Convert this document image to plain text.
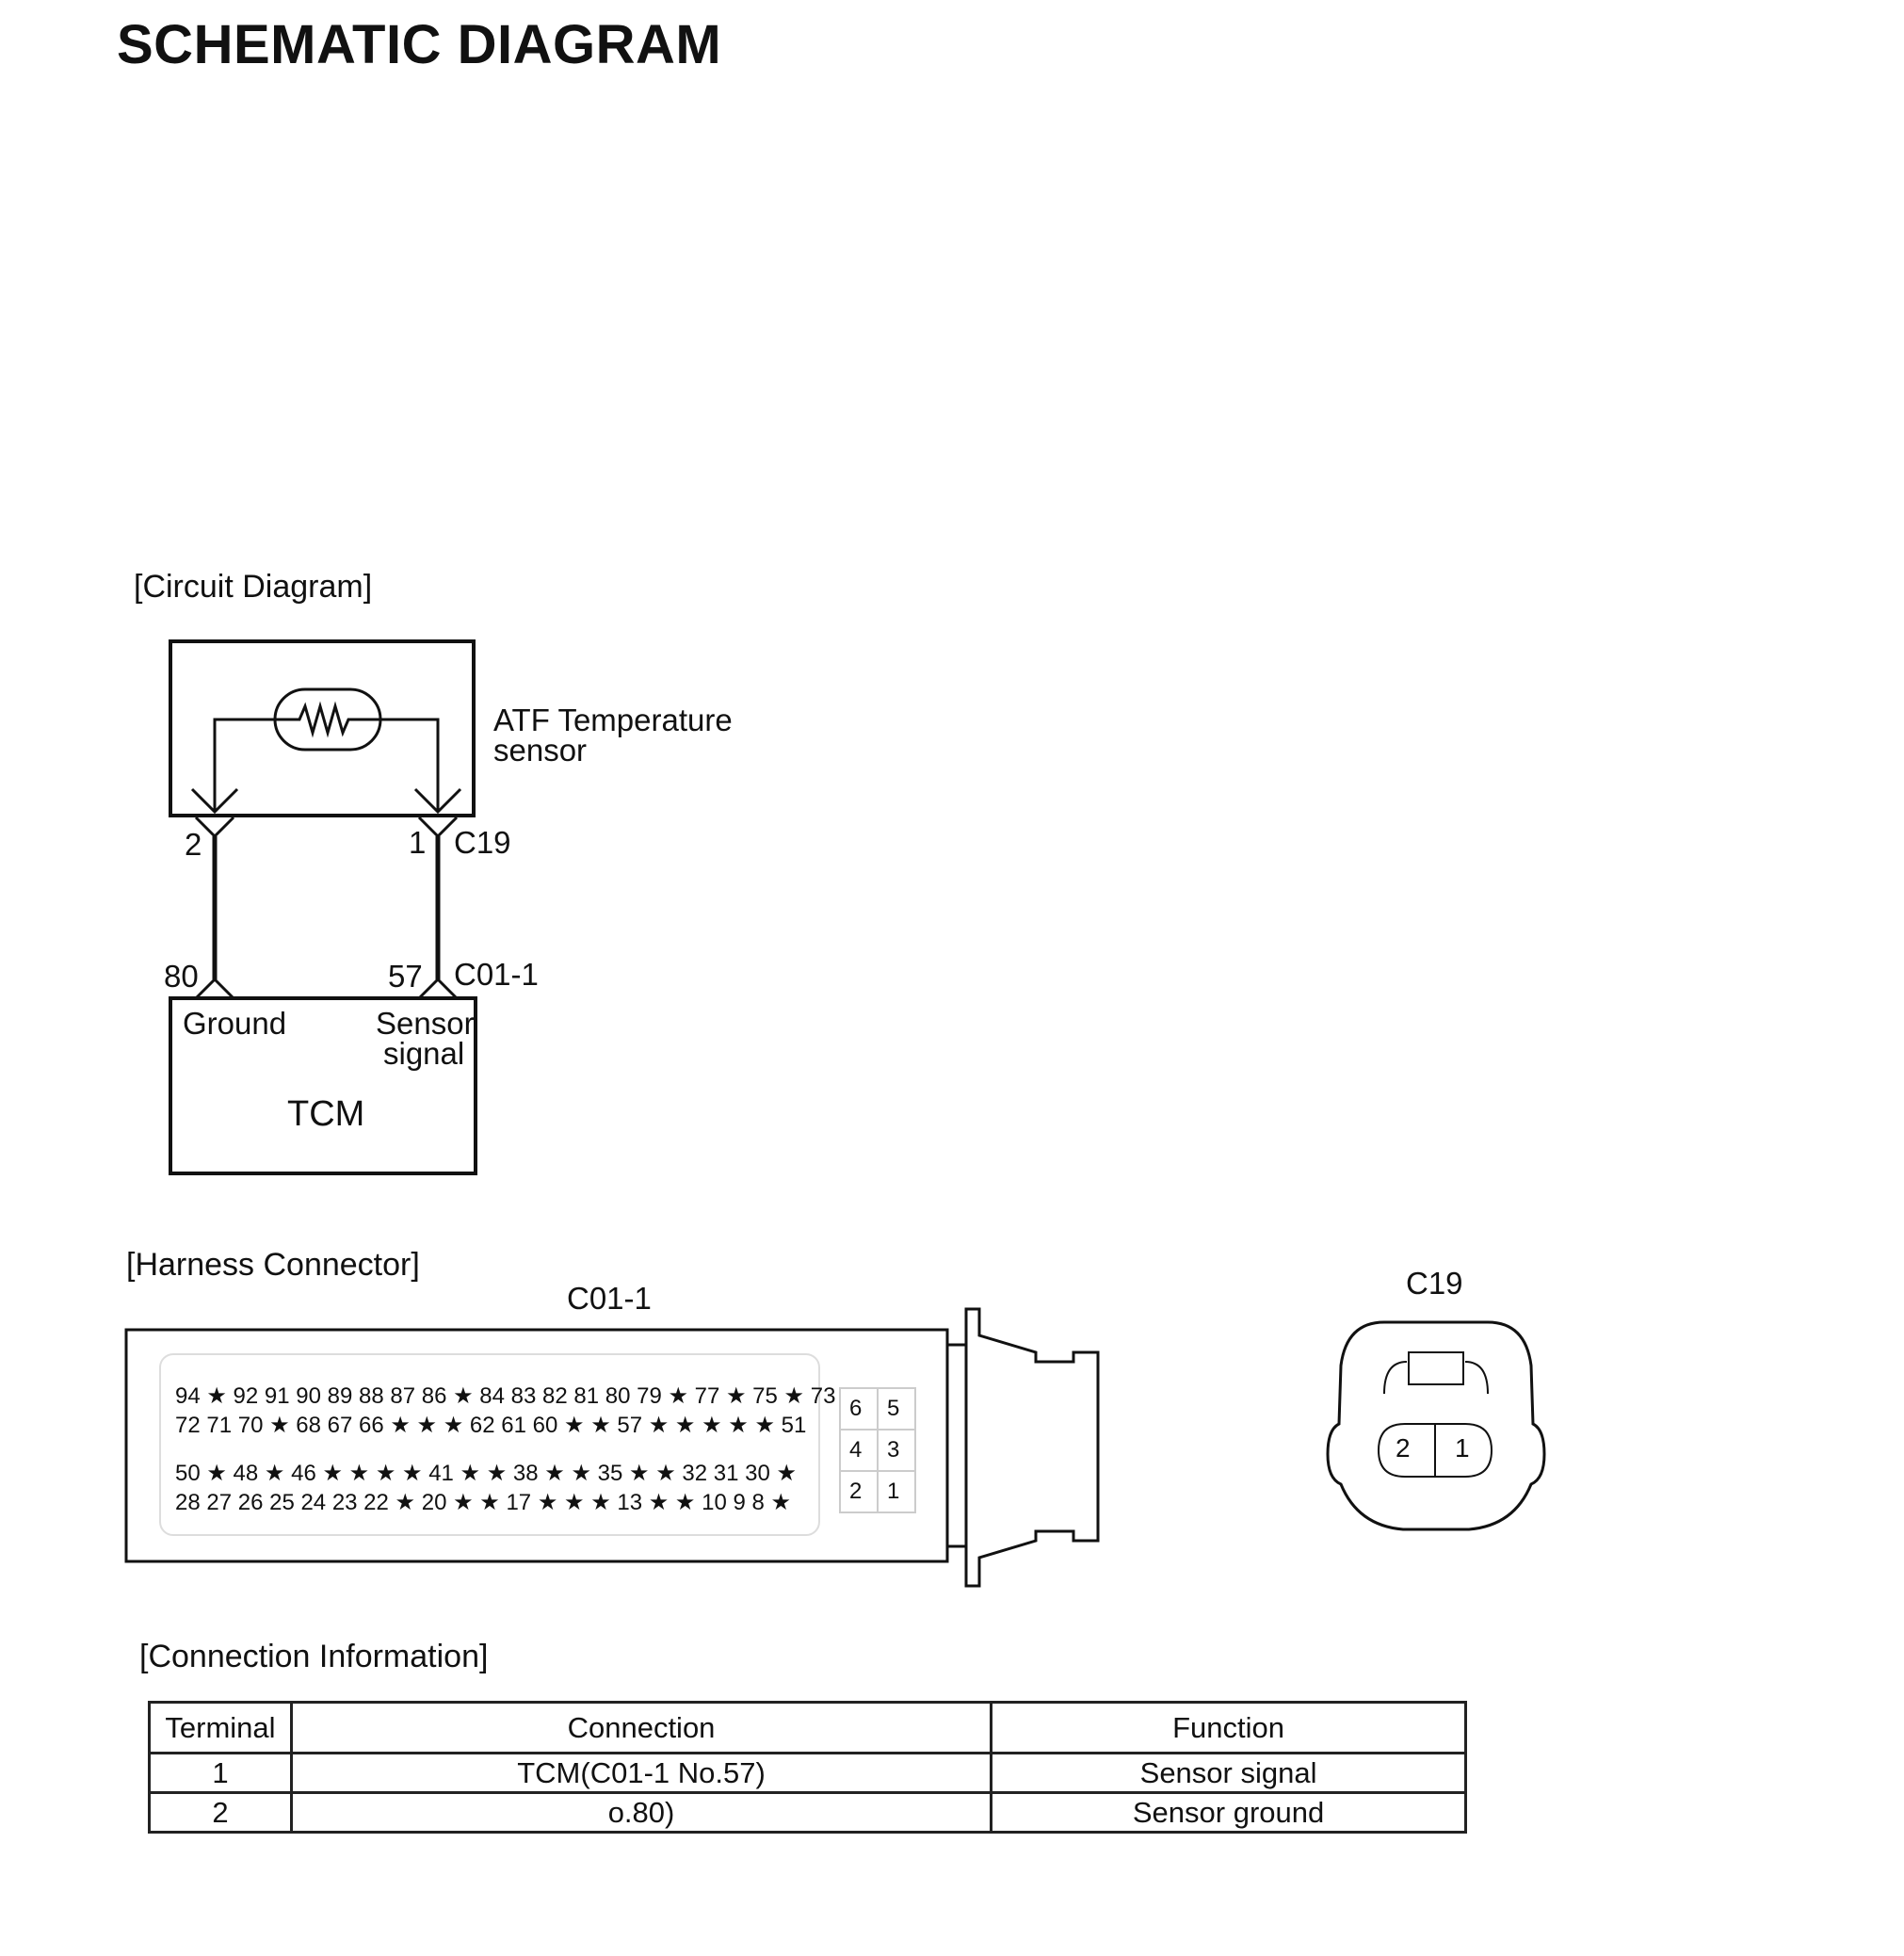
SCHEMATIC DIAGRAM
[Circuit Diagram]
ATF Temperature
sensor
2	1 C19
80	57 C01-1
Ground	Sensor
signal
TCM
[Harness Connector]
C01-1	C19
94 ★ 92 91 90 89 88 87 86 ★ 84 83 82 81 80 79 ★ 77 ★ 75 ★ 73
72 71 70 ★ 68 67 66 ★ ★ ★ 62 61 60 ★ ★ 57 ★ ★ ★ ★ ★ 51
50 ★ 48 ★ 46 ★ ★ ★ ★ 41 ★ ★ 38 ★ ★ 35 ★ ★ 32 31 30 ★
28 27 26 25 24 23 22 ★ 20 ★ ★ 17 ★ ★ ★ 13 ★ ★ 10 9 8 ★
6 5
4 3
2 1
2 1
[Connection Information]
Terminal	Connection	Function
1	TCM(C01-1 No.57)	Sensor signal
2	o.80)	Sensor ground
